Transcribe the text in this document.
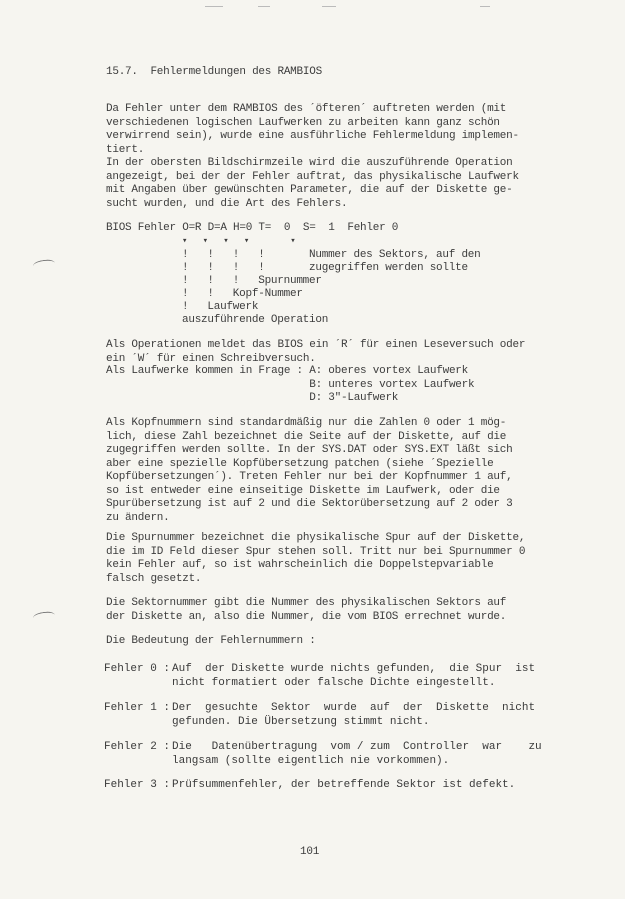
15.7.  Fehlermeldungen des RAMBIOS
Da Fehler unter dem RAMBIOS des ´öfteren´ auftreten werden (mit
verschiedenen logischen Laufwerken zu arbeiten kann ganz schön
verwirrend sein), wurde eine ausführliche Fehlermeldung implemen-
tiert.
In der obersten Bildschirmzeile wird die auszuführende Operation
angezeigt, bei der der Fehler auftrat, das physikalische Laufwerk
mit Angaben über gewünschten Parameter, die auf der Diskette ge-
sucht wurden, und die Art des Fehlers.
BIOS Fehler O=R D=A H=0 T=  0  S=  1  Fehler 0
▾   ▾   ▾   ▾        ▾
!   !   !   !       Nummer des Sektors, auf den
!   !   !   !       zugegriffen werden sollte
!   !   !   Spurnummer
!   !   Kopf-Nummer
!   Laufwerk
auszuführende Operation
Als Operationen meldet das BIOS ein ´R´ für einen Leseversuch oder
ein ´W´ für einen Schreibversuch.
Als Laufwerke kommen in Frage : A: oberes vortex Laufwerk
B: unteres vortex Laufwerk
D: 3"-Laufwerk
Als Kopfnummern sind standardmäßig nur die Zahlen 0 oder 1 mög-
lich, diese Zahl bezeichnet die Seite auf der Diskette, auf die
zugegriffen werden sollte. In der SYS.DAT oder SYS.EXT läßt sich
aber eine spezielle Kopfübersetzung patchen (siehe ´Spezielle
Kopfübersetzungen´). Treten Fehler nur bei der Kopfnummer 1 auf,
so ist entweder eine einseitige Diskette im Laufwerk, oder die
Spurübersetzung ist auf 2 und die Sektorübersetzung auf 2 oder 3
zu ändern.
Die Spurnummer bezeichnet die physikalische Spur auf der Diskette,
die im ID Feld dieser Spur stehen soll. Tritt nur bei Spurnummer 0
kein Fehler auf, so ist wahrscheinlich die Doppelstepvariable
falsch gesetzt.
Die Sektornummer gibt die Nummer des physikalischen Sektors auf
der Diskette an, also die Nummer, die vom BIOS errechnet wurde.
Die Bedeutung der Fehlernummern :
Fehler 0 : Auf  der Diskette wurde nichts gefunden,  die Spur  ist
nicht formatiert oder falsche Dichte eingestellt.
Fehler 1 : Der  gesuchte  Sektor  wurde  auf  der  Diskette  nicht
gefunden. Die Übersetzung stimmt nicht.
Fehler 2 : Die   Datenübertragung  vom / zum  Controller  war    zu
langsam (sollte eigentlich nie vorkommen).
Fehler 3 : Prüfsummenfehler, der betreffende Sektor ist defekt.
101
